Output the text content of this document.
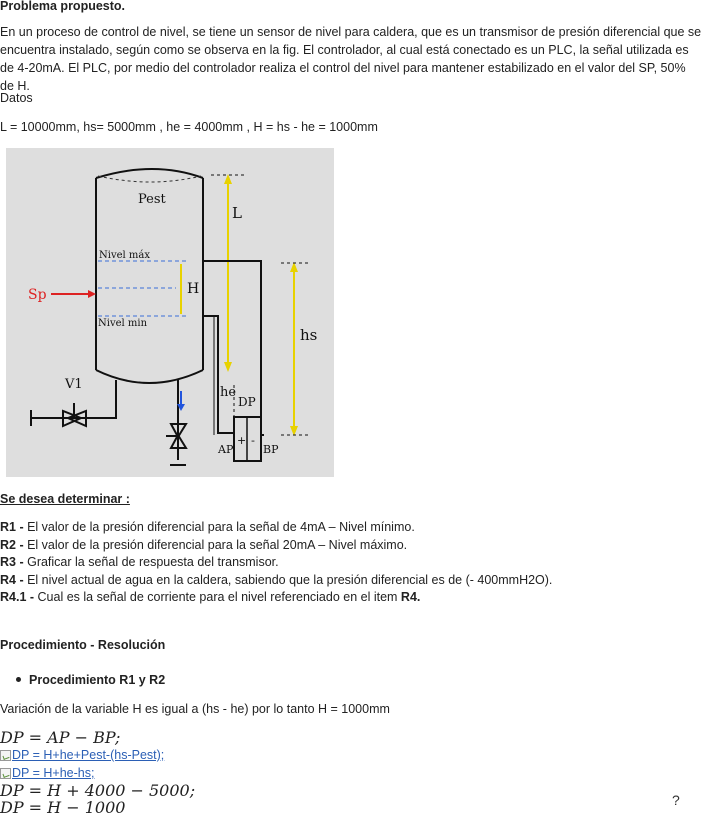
Problema propuesto.
En un proceso de control de nivel, se tiene un sensor de nivel para caldera, que es un transmisor de presión diferencial que se encuentra instalado, según como se observa en la fig. El controlador, al cual está conectado es un PLC, la señal utilizada es de 4-20mA. El PLC, por medio del controlador realiza el control del nivel para mantener estabilizado en el valor del SP, 50% de H.
Datos
L = 10000mm, hs= 5000mm , he = 4000mm , H = hs - he = 1000mm
Pest
L
Nivel máx
H
Sp
Nivel min
hs
V1
he
DP
+ -
AP	BP
Se desea determinar :
R1 - El valor de la presión diferencial para la señal de 4mA – Nivel mínimo.
R2 - El valor de la presión diferencial para la señal 20mA – Nivel máximo.
R3 - Graficar la señal de respuesta del transmisor.
R4 - El nivel actual de agua en la caldera, sabiendo que la presión diferencial es de (- 400mmH2O).
R4.1 - Cual es la señal de corriente para el nivel referenciado en el item R4.
Procedimiento - Resolución
Procedimiento R1 y R2
Variación de la variable H es igual a (hs - he) por lo tanto H = 1000mm
DP = AP − BP;
DP = H+he+Pest-(hs-Pest);
DP = H+he-hs;
DP = H + 4000 − 5000;
DP = H − 1000	?
